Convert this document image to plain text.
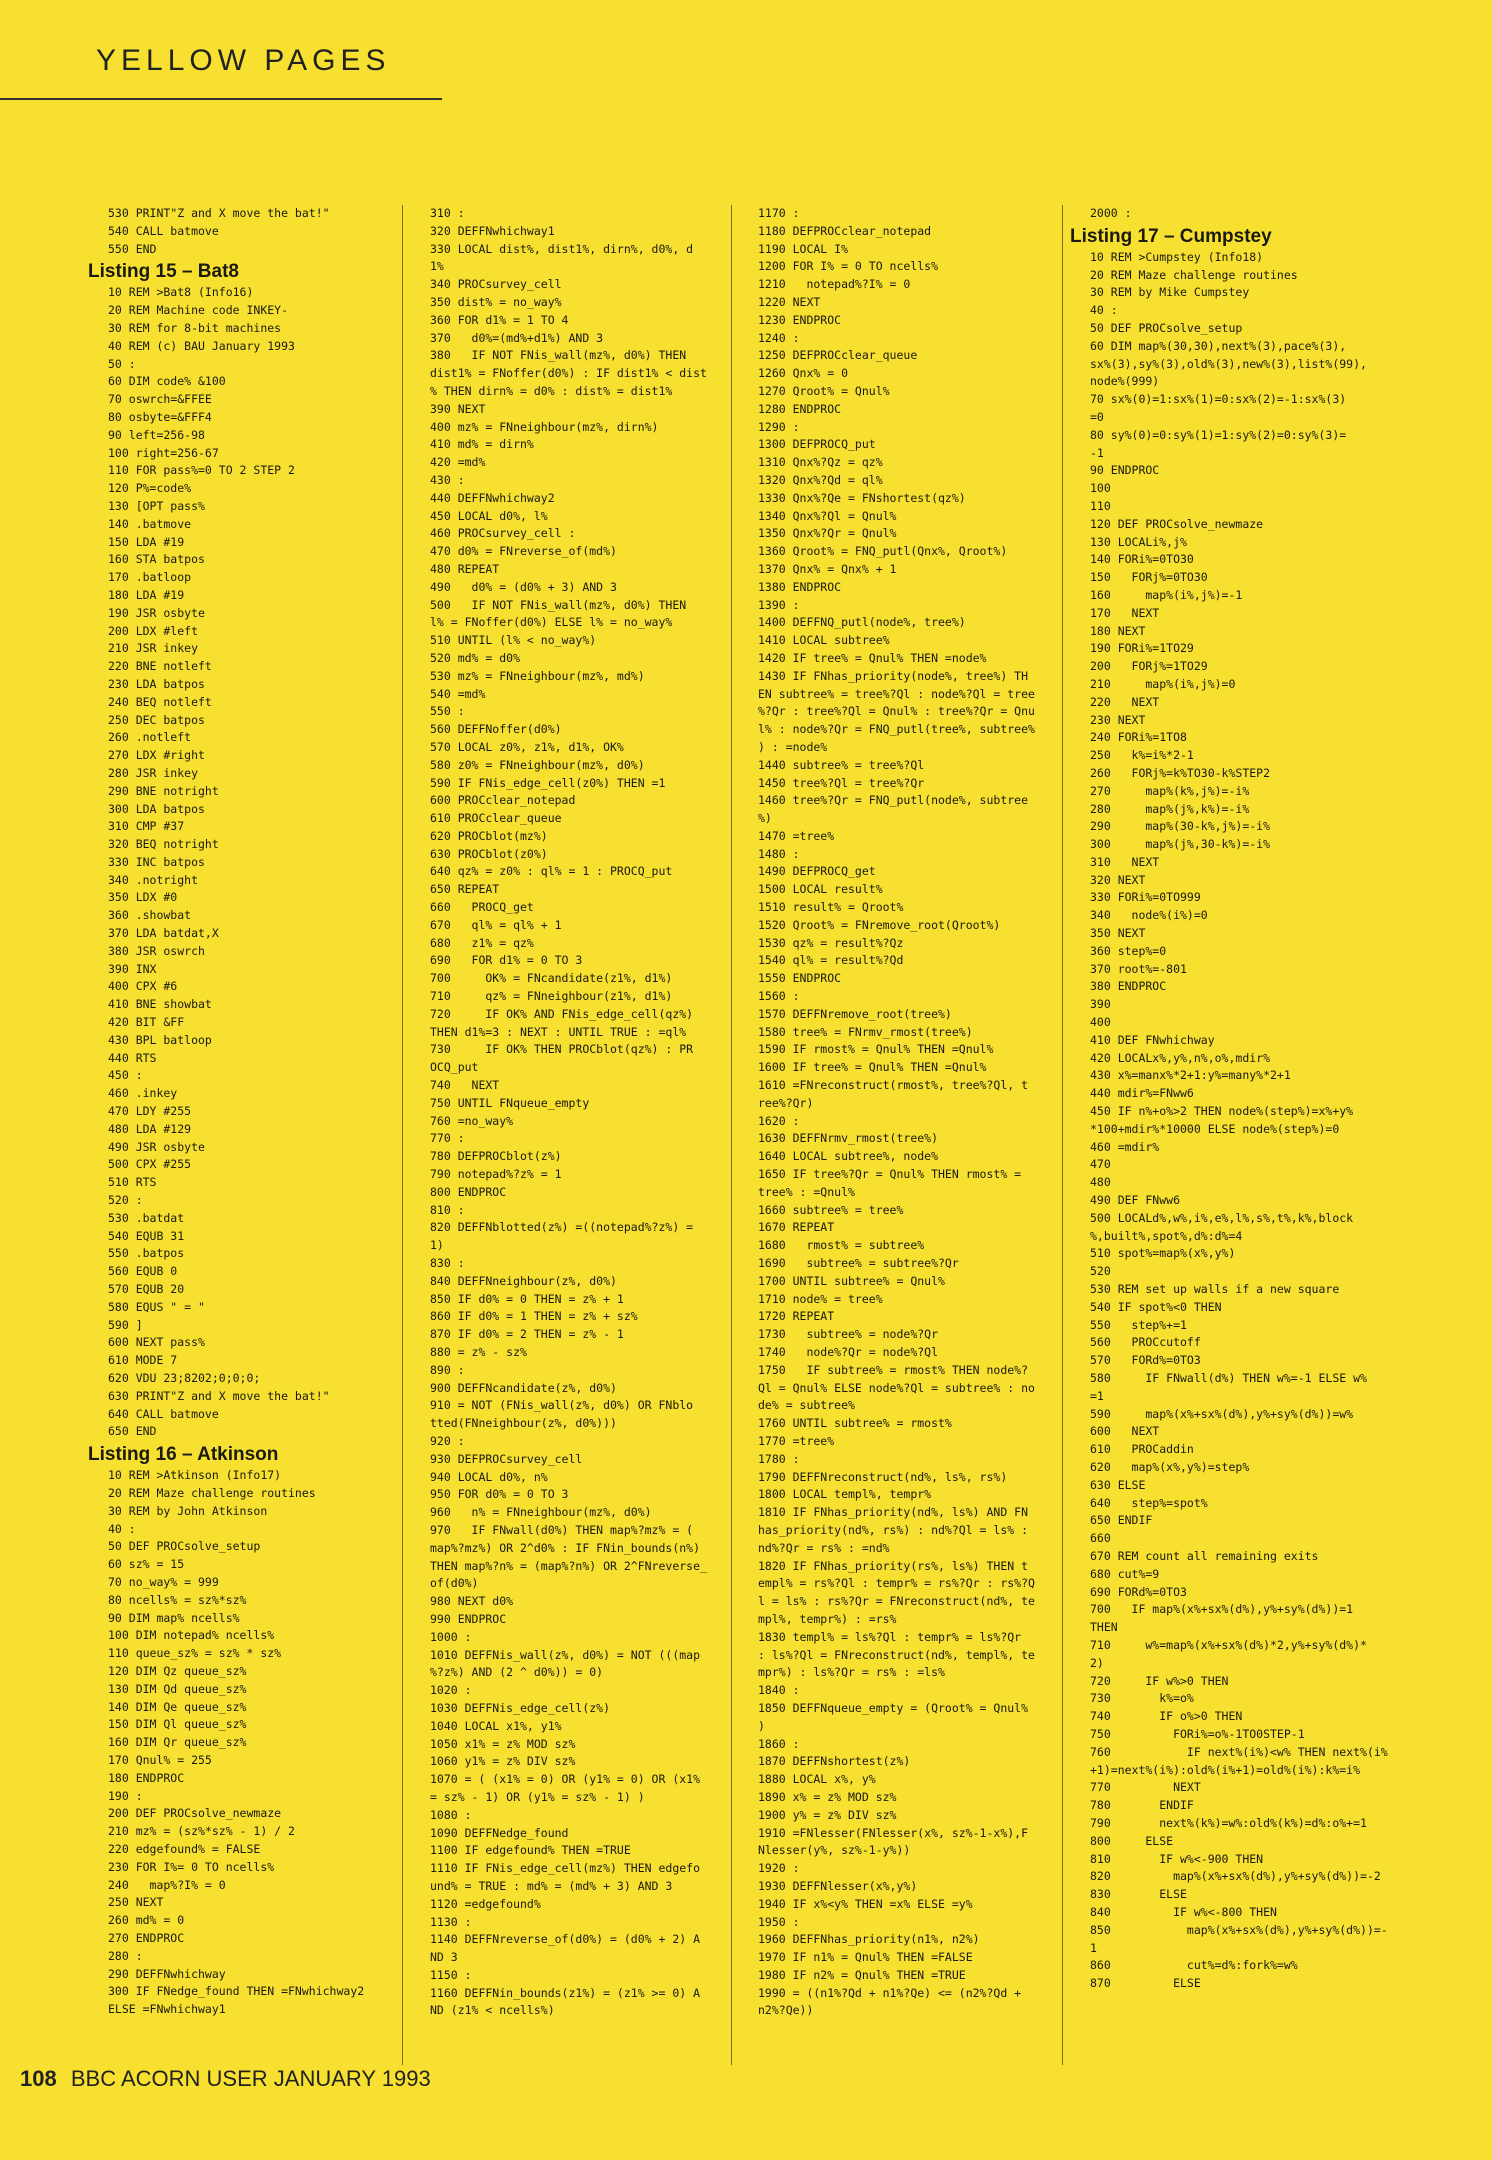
YELLOW PAGES
530 PRINT"Z and X move the bat!"
540 CALL batmove
550 END
Listing 15 – Bat8
10 REM >Bat8 (Info16)
20 REM Machine code INKEY-
30 REM for 8-bit machines
40 REM (c) BAU January 1993
50 :
60 DIM code% &100
70 oswrch=&FFEE
80 osbyte=&FFF4
90 left=256-98
100 right=256-67
110 FOR pass%=0 TO 2 STEP 2
120 P%=code%
130 [OPT pass%
140 .batmove
150 LDA #19
160 STA batpos
170 .batloop
180 LDA #19
190 JSR osbyte
200 LDX #left
210 JSR inkey
220 BNE notleft
230 LDA batpos
240 BEQ notleft
250 DEC batpos
260 .notleft
270 LDX #right
280 JSR inkey
290 BNE notright
300 LDA batpos
310 CMP #37
320 BEQ notright
330 INC batpos
340 .notright
350 LDX #0
360 .showbat
370 LDA batdat,X
380 JSR oswrch
390 INX
400 CPX #6
410 BNE showbat
420 BIT &FF
430 BPL batloop
440 RTS
450 :
460 .inkey
470 LDY #255
480 LDA #129
490 JSR osbyte
500 CPX #255
510 RTS
520 :
530 .batdat
540 EQUB 31
550 .batpos
560 EQUB 0
570 EQUB 20
580 EQUS " = "
590 ]
600 NEXT pass%
610 MODE 7
620 VDU 23;8202;0;0;0;
630 PRINT"Z and X move the bat!"
640 CALL batmove
650 END
Listing 16 – Atkinson
10 REM >Atkinson (Info17)
20 REM Maze challenge routines
30 REM by John Atkinson
40 :
50 DEF PROCsolve_setup
60 sz% = 15
70 no_way% = 999
80 ncells% = sz%*sz%
90 DIM map% ncells%
100 DIM notepad% ncells%
110 queue_sz% = sz% * sz%
120 DIM Qz queue_sz%
130 DIM Qd queue_sz%
140 DIM Qe queue_sz%
150 DIM Ql queue_sz%
160 DIM Qr queue_sz%
170 Qnul% = 255
180 ENDPROC
190 :
200 DEF PROCsolve_newmaze
210 mz% = (sz%*sz% - 1) / 2
220 edgefound% = FALSE
230 FOR I%= 0 TO ncells%
240   map%?I% = 0
250 NEXT
260 md% = 0
270 ENDPROC
280 :
290 DEFFNwhichway
300 IF FNedge_found THEN =FNwhichway2
ELSE =FNwhichway1
310 :
320 DEFFNwhichway1
330 LOCAL dist%, dist1%, dirn%, d0%, d
1%
340 PROCsurvey_cell
350 dist% = no_way%
360 FOR d1% = 1 TO 4
370   d0%=(md%+d1%) AND 3
380   IF NOT FNis_wall(mz%, d0%) THEN
dist1% = FNoffer(d0%) : IF dist1% < dist
% THEN dirn% = d0% : dist% = dist1%
390 NEXT
400 mz% = FNneighbour(mz%, dirn%)
410 md% = dirn%
420 =md%
430 :
440 DEFFNwhichway2
450 LOCAL d0%, l%
460 PROCsurvey_cell :
470 d0% = FNreverse_of(md%)
480 REPEAT
490   d0% = (d0% + 3) AND 3
500   IF NOT FNis_wall(mz%, d0%) THEN
l% = FNoffer(d0%) ELSE l% = no_way%
510 UNTIL (l% < no_way%)
520 md% = d0%
530 mz% = FNneighbour(mz%, md%)
540 =md%
550 :
560 DEFFNoffer(d0%)
570 LOCAL z0%, z1%, d1%, OK%
580 z0% = FNneighbour(mz%, d0%)
590 IF FNis_edge_cell(z0%) THEN =1
600 PROCclear_notepad
610 PROCclear_queue
620 PROCblot(mz%)
630 PROCblot(z0%)
640 qz% = z0% : ql% = 1 : PROCQ_put
650 REPEAT
660   PROCQ_get
670   ql% = ql% + 1
680   z1% = qz%
690   FOR d1% = 0 TO 3
700     OK% = FNcandidate(z1%, d1%)
710     qz% = FNneighbour(z1%, d1%)
720     IF OK% AND FNis_edge_cell(qz%)
THEN d1%=3 : NEXT : UNTIL TRUE : =ql%
730     IF OK% THEN PROCblot(qz%) : PR
OCQ_put
740   NEXT
750 UNTIL FNqueue_empty
760 =no_way%
770 :
780 DEFPROCblot(z%)
790 notepad%?z% = 1
800 ENDPROC
810 :
820 DEFFNblotted(z%) =((notepad%?z%) =
1)
830 :
840 DEFFNneighbour(z%, d0%)
850 IF d0% = 0 THEN = z% + 1
860 IF d0% = 1 THEN = z% + sz%
870 IF d0% = 2 THEN = z% - 1
880 = z% - sz%
890 :
900 DEFFNcandidate(z%, d0%)
910 = NOT (FNis_wall(z%, d0%) OR FNblo
tted(FNneighbour(z%, d0%)))
920 :
930 DEFPROCsurvey_cell
940 LOCAL d0%, n%
950 FOR d0% = 0 TO 3
960   n% = FNneighbour(mz%, d0%)
970   IF FNwall(d0%) THEN map%?mz% = (
map%?mz%) OR 2^d0% : IF FNin_bounds(n%)
THEN map%?n% = (map%?n%) OR 2^FNreverse_
of(d0%)
980 NEXT d0%
990 ENDPROC
1000 :
1010 DEFFNis_wall(z%, d0%) = NOT (((map
%?z%) AND (2 ^ d0%)) = 0)
1020 :
1030 DEFFNis_edge_cell(z%)
1040 LOCAL x1%, y1%
1050 x1% = z% MOD sz%
1060 y1% = z% DIV sz%
1070 = ( (x1% = 0) OR (y1% = 0) OR (x1%
= sz% - 1) OR (y1% = sz% - 1) )
1080 :
1090 DEFFNedge_found
1100 IF edgefound% THEN =TRUE
1110 IF FNis_edge_cell(mz%) THEN edgefo
und% = TRUE : md% = (md% + 3) AND 3
1120 =edgefound%
1130 :
1140 DEFFNreverse_of(d0%) = (d0% + 2) A
ND 3
1150 :
1160 DEFFNin_bounds(z1%) = (z1% >= 0) A
ND (z1% < ncells%)
1170 :
1180 DEFPROCclear_notepad
1190 LOCAL I%
1200 FOR I% = 0 TO ncells%
1210   notepad%?I% = 0
1220 NEXT
1230 ENDPROC
1240 :
1250 DEFPROCclear_queue
1260 Qnx% = 0
1270 Qroot% = Qnul%
1280 ENDPROC
1290 :
1300 DEFPROCQ_put
1310 Qnx%?Qz = qz%
1320 Qnx%?Qd = ql%
1330 Qnx%?Qe = FNshortest(qz%)
1340 Qnx%?Ql = Qnul%
1350 Qnx%?Qr = Qnul%
1360 Qroot% = FNQ_putl(Qnx%, Qroot%)
1370 Qnx% = Qnx% + 1
1380 ENDPROC
1390 :
1400 DEFFNQ_putl(node%, tree%)
1410 LOCAL subtree%
1420 IF tree% = Qnul% THEN =node%
1430 IF FNhas_priority(node%, tree%) TH
EN subtree% = tree%?Ql : node%?Ql = tree
%?Qr : tree%?Ql = Qnul% : tree%?Qr = Qnu
l% : node%?Qr = FNQ_putl(tree%, subtree%
) : =node%
1440 subtree% = tree%?Ql
1450 tree%?Ql = tree%?Qr
1460 tree%?Qr = FNQ_putl(node%, subtree
%)
1470 =tree%
1480 :
1490 DEFPROCQ_get
1500 LOCAL result%
1510 result% = Qroot%
1520 Qroot% = FNremove_root(Qroot%)
1530 qz% = result%?Qz
1540 ql% = result%?Qd
1550 ENDPROC
1560 :
1570 DEFFNremove_root(tree%)
1580 tree% = FNrmv_rmost(tree%)
1590 IF rmost% = Qnul% THEN =Qnul%
1600 IF tree% = Qnul% THEN =Qnul%
1610 =FNreconstruct(rmost%, tree%?Ql, t
ree%?Qr)
1620 :
1630 DEFFNrmv_rmost(tree%)
1640 LOCAL subtree%, node%
1650 IF tree%?Qr = Qnul% THEN rmost% =
tree% : =Qnul%
1660 subtree% = tree%
1670 REPEAT
1680   rmost% = subtree%
1690   subtree% = subtree%?Qr
1700 UNTIL subtree% = Qnul%
1710 node% = tree%
1720 REPEAT
1730   subtree% = node%?Qr
1740   node%?Qr = node%?Ql
1750   IF subtree% = rmost% THEN node%?
Ql = Qnul% ELSE node%?Ql = subtree% : no
de% = subtree%
1760 UNTIL subtree% = rmost%
1770 =tree%
1780 :
1790 DEFFNreconstruct(nd%, ls%, rs%)
1800 LOCAL templ%, tempr%
1810 IF FNhas_priority(nd%, ls%) AND FN
has_priority(nd%, rs%) : nd%?Ql = ls% :
nd%?Qr = rs% : =nd%
1820 IF FNhas_priority(rs%, ls%) THEN t
empl% = rs%?Ql : tempr% = rs%?Qr : rs%?Q
l = ls% : rs%?Qr = FNreconstruct(nd%, te
mpl%, tempr%) : =rs%
1830 templ% = ls%?Ql : tempr% = ls%?Qr
: ls%?Ql = FNreconstruct(nd%, templ%, te
mpr%) : ls%?Qr = rs% : =ls%
1840 :
1850 DEFFNqueue_empty = (Qroot% = Qnul%
)
1860 :
1870 DEFFNshortest(z%)
1880 LOCAL x%, y%
1890 x% = z% MOD sz%
1900 y% = z% DIV sz%
1910 =FNlesser(FNlesser(x%, sz%-1-x%),F
Nlesser(y%, sz%-1-y%))
1920 :
1930 DEFFNlesser(x%,y%)
1940 IF x%<y% THEN =x% ELSE =y%
1950 :
1960 DEFFNhas_priority(n1%, n2%)
1970 IF n1% = Qnul% THEN =FALSE
1980 IF n2% = Qnul% THEN =TRUE
1990 = ((n1%?Qd + n1%?Qe) <= (n2%?Qd +
n2%?Qe))
2000 :
Listing 17 – Cumpstey
10 REM >Cumpstey (Info18)
20 REM Maze challenge routines
30 REM by Mike Cumpstey
40 :
50 DEF PROCsolve_setup
60 DIM map%(30,30),next%(3),pace%(3),
sx%(3),sy%(3),old%(3),new%(3),list%(99),
node%(999)
70 sx%(0)=1:sx%(1)=0:sx%(2)=-1:sx%(3)
=0
80 sy%(0)=0:sy%(1)=1:sy%(2)=0:sy%(3)=
-1
90 ENDPROC
100
110
120 DEF PROCsolve_newmaze
130 LOCALi%,j%
140 FORi%=0TO30
150   FORj%=0TO30
160     map%(i%,j%)=-1
170   NEXT
180 NEXT
190 FORi%=1TO29
200   FORj%=1TO29
210     map%(i%,j%)=0
220   NEXT
230 NEXT
240 FORi%=1TO8
250   k%=i%*2-1
260   FORj%=k%TO30-k%STEP2
270     map%(k%,j%)=-i%
280     map%(j%,k%)=-i%
290     map%(30-k%,j%)=-i%
300     map%(j%,30-k%)=-i%
310   NEXT
320 NEXT
330 FORi%=0TO999
340   node%(i%)=0
350 NEXT
360 step%=0
370 root%=-801
380 ENDPROC
390
400
410 DEF FNwhichway
420 LOCALx%,y%,n%,o%,mdir%
430 x%=manx%*2+1:y%=many%*2+1
440 mdir%=FNww6
450 IF n%+o%>2 THEN node%(step%)=x%+y%
*100+mdir%*10000 ELSE node%(step%)=0
460 =mdir%
470
480
490 DEF FNww6
500 LOCALd%,w%,i%,e%,l%,s%,t%,k%,block
%,built%,spot%,d%:d%=4
510 spot%=map%(x%,y%)
520
530 REM set up walls if a new square
540 IF spot%<0 THEN
550   step%+=1
560   PROCcutoff
570   FORd%=0TO3
580     IF FNwall(d%) THEN w%=-1 ELSE w%
=1
590     map%(x%+sx%(d%),y%+sy%(d%))=w%
600   NEXT
610   PROCaddin
620   map%(x%,y%)=step%
630 ELSE
640   step%=spot%
650 ENDIF
660
670 REM count all remaining exits
680 cut%=9
690 FORd%=0TO3
700   IF map%(x%+sx%(d%),y%+sy%(d%))=1
THEN
710     w%=map%(x%+sx%(d%)*2,y%+sy%(d%)*
2)
720     IF w%>0 THEN
730       k%=o%
740       IF o%>0 THEN
750         FORi%=o%-1TO0STEP-1
760           IF next%(i%)<w% THEN next%(i%
+1)=next%(i%):old%(i%+1)=old%(i%):k%=i%
770         NEXT
780       ENDIF
790       next%(k%)=w%:old%(k%)=d%:o%+=1
800     ELSE
810       IF w%<-900 THEN
820         map%(x%+sx%(d%),y%+sy%(d%))=-2
830       ELSE
840         IF w%<-800 THEN
850           map%(x%+sx%(d%),y%+sy%(d%))=-
1
860           cut%=d%:fork%=w%
870         ELSE
108 BBC ACORN USER JANUARY 1993
